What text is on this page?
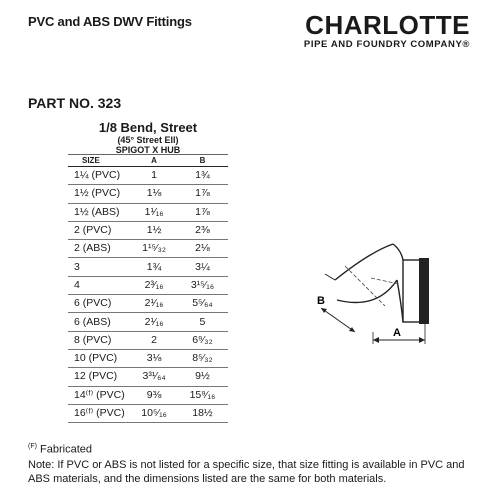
PVC and ABS DWV Fittings	CHARLOTTE
PIPE AND FOUNDRY COMPANY®
PART NO. 323
1/8 Bend, Street
(45° Street Ell)
SPIGOT X HUB
SIZE	A	B
1¼ (PVC)	1	1¾
1½ (PVC)	1⅛	1⅞
1½ (ABS)	1¹⁄₁₆	1⅞
2 (PVC)	1½	2⅜
2 (ABS)	1¹⁵⁄₃₂	2⅛
3	1¾	3¼
4	2³⁄₁₆	3¹⁵⁄₁₆
6 (PVC)	2¹⁄₁₆	5⁵⁄₆₄
6 (ABS)	2¹⁄₁₆	5
8 (PVC)	2	6⁹⁄₃₂
10 (PVC)	3⅛	8⁵⁄₃₂
12 (PVC)	3³¹⁄₆₄	9½
14⁽ᶠ⁾ (PVC)	9⅜	15⁹⁄₁₆
16⁽ᶠ⁾ (PVC)	10⁵⁄₁₆	18½
B
A
$^{(F)}$ Fabricated
Note: If PVC or ABS is not listed for a specific size, that size fitting is available in PVC and ABS materials, and the dimensions listed are the same for both materials.
